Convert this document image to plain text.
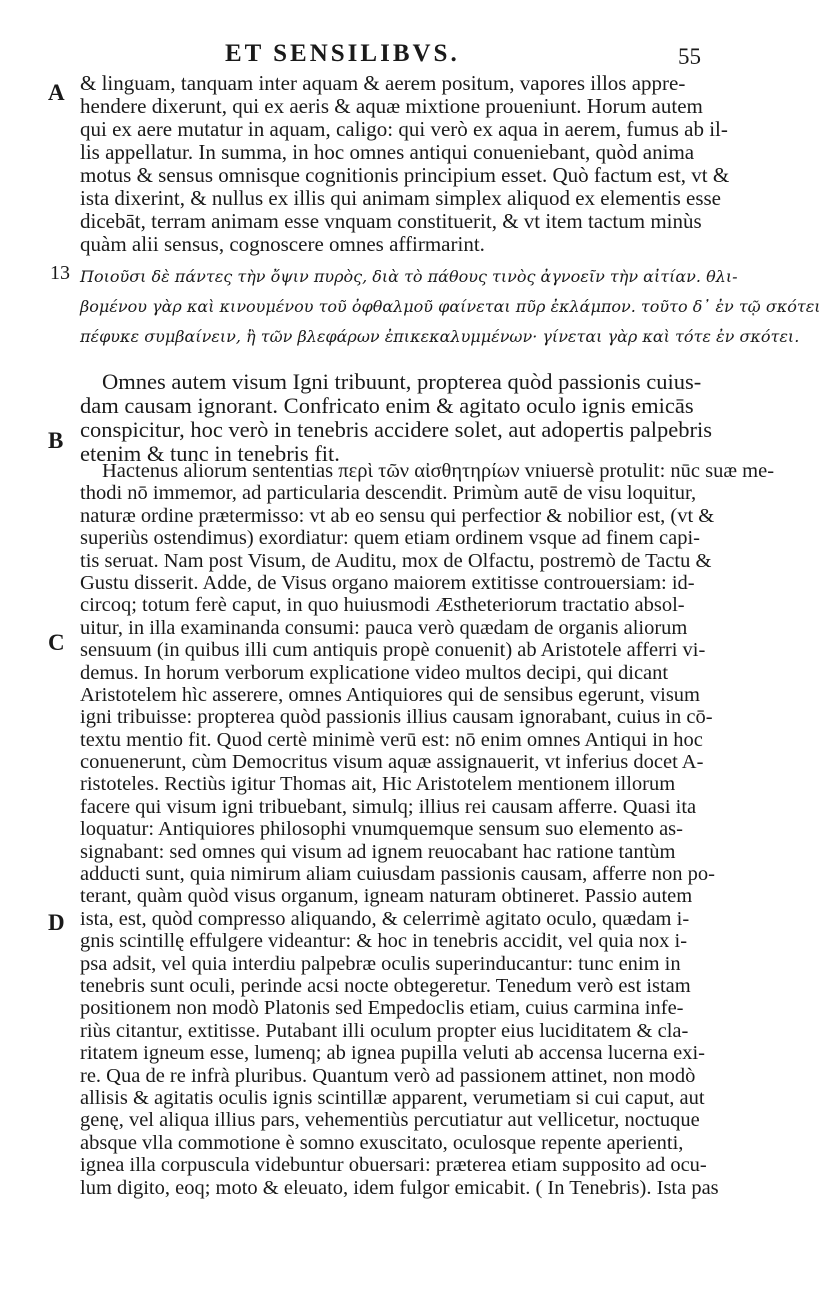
ET SENSILIBVS.	55
A
13
B
C
D
& linguam, tanquam inter aquam & aerem positum, vapores illos appre-
hendere dixerunt, qui ex aeris & aquæ mixtione proueniunt. Horum autem
qui ex aere mutatur in aquam, caligo: qui verò ex aqua in aerem, fumus ab il-
lis appellatur. In summa, in hoc omnes antiqui conueniebant, quòd anima
motus & sensus omnisque cognitionis principium esset. Quò factum est, vt &
ista dixerint, & nullus ex illis qui animam simplex aliquod ex elementis esse
dicebāt, terram animam esse vnquam constituerit, & vt item tactum minùs
quàm alii sensus, cognoscere omnes affirmarint.
Ποιοῦσι δὲ πάντες τὴν ὄψιν πυρὸς, διὰ τὸ πάθους τινὸς ἀγνοεῖν τὴν αἰτίαν. θλι-
βομένου γὰρ καὶ κινουμένου τοῦ ὀφθαλμοῦ φαίνεται πῦρ ἐκλάμπον. τοῦτο δ᾽ ἐν τῷ σκότει
πέφυκε συμβαίνειν, ἢ τῶν βλεφάρων ἐπικεκαλυμμένων· γίνεται γὰρ καὶ τότε ἐν σκότει.
Omnes autem visum Igni tribuunt, propterea quòd passionis cuius-
dam causam ignorant. Confricato enim & agitato oculo ignis emicās
conspicitur, hoc verò in tenebris accidere solet, aut adopertis palpebris
etenim & tunc in tenebris fit.
Hactenus aliorum sententias περὶ τῶν αἰσθητηρίων vniuersè protulit: nūc suæ me-
thodi nō immemor, ad particularia descendit. Primùm autē de visu loquitur,
naturæ ordine prætermisso: vt ab eo sensu qui perfectior & nobilior est, (vt &
superiùs ostendimus) exordiatur: quem etiam ordinem vsque ad finem capi-
tis seruat. Nam post Visum, de Auditu, mox de Olfactu, postremò de Tactu &
Gustu disserit. Adde, de Visus organo maiorem extitisse controuersiam: id-
circoq; totum ferè caput, in quo huiusmodi Æstheteriorum tractatio absol-
uitur, in illa examinanda consumi: pauca verò quædam de organis aliorum
sensuum (in quibus illi cum antiquis propè conuenit) ab Aristotele afferri vi-
demus. In horum verborum explicatione video multos decipi, qui dicant
Aristotelem hìc asserere, omnes Antiquiores qui de sensibus egerunt, visum
igni tribuisse: propterea quòd passionis illius causam ignorabant, cuius in cō-
textu mentio fit. Quod certè minimè verū est: nō enim omnes Antiqui in hoc
conuenerunt, cùm Democritus visum aquæ assignauerit, vt inferius docet A-
ristoteles. Rectiùs igitur Thomas ait, Hic Aristotelem mentionem illorum
facere qui visum igni tribuebant, simulq; illius rei causam afferre. Quasi ita
loquatur: Antiquiores philosophi vnumquemque sensum suo elemento as-
signabant: sed omnes qui visum ad ignem reuocabant hac ratione tantùm
adducti sunt, quia nimirum aliam cuiusdam passionis causam, afferre non po-
terant, quàm quòd visus organum, igneam naturam obtineret. Passio autem
ista, est, quòd compresso aliquando, & celerrimè agitato oculo, quædam i-
gnis scintillę effulgere videantur: & hoc in tenebris accidit, vel quia nox i-
psa adsit, vel quia interdiu palpebræ oculis superinducantur: tunc enim in
tenebris sunt oculi, perinde acsi nocte obtegeretur. Tenedum verò est istam
positionem non modò Platonis sed Empedoclis etiam, cuius carmina infe-
riùs citantur, extitisse. Putabant illi oculum propter eius luciditatem & cla-
ritatem igneum esse, lumenq; ab ignea pupilla veluti ab accensa lucerna exi-
re. Qua de re infrà pluribus. Quantum verò ad passionem attinet, non modò
allisis & agitatis oculis ignis scintillæ apparent, verumetiam si cui caput, aut
genę, vel aliqua illius pars, vehementiùs percutiatur aut vellicetur, noctuque
absque vlla commotione è somno exuscitato, oculosque repente aperienti,
ignea illa corpuscula videbuntur obuersari: præterea etiam supposito ad ocu-
lum digito, eoq; moto & eleuato, idem fulgor emicabit. ( In Tenebris). Ista pas
